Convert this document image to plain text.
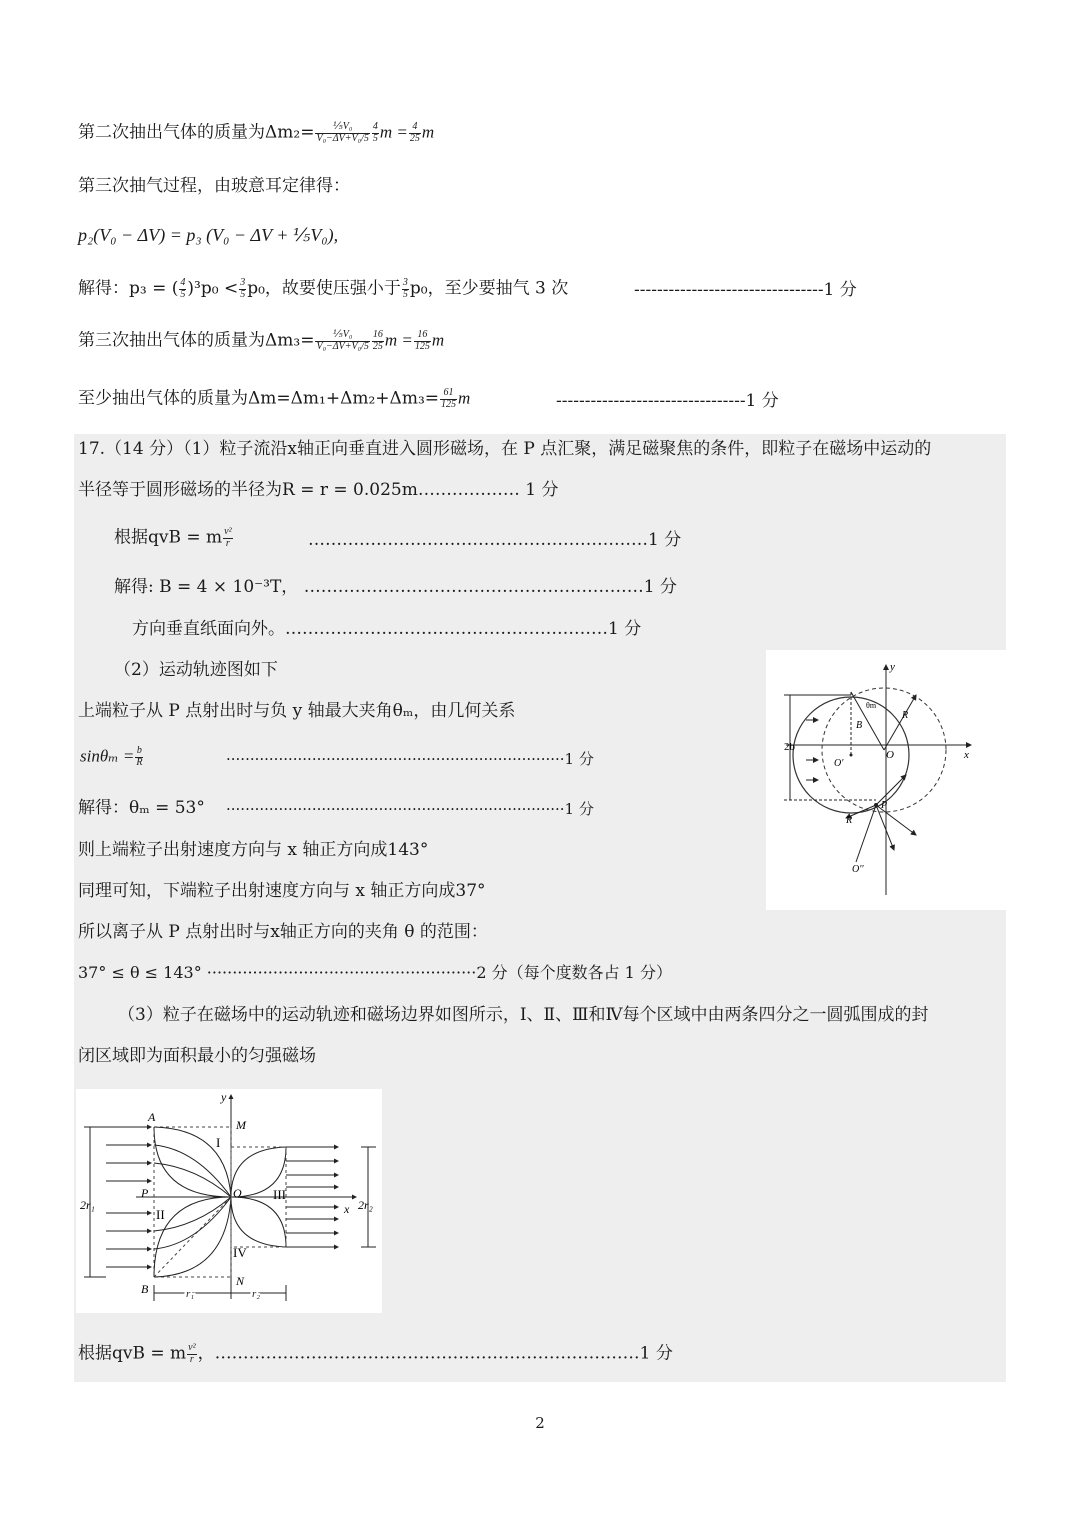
第二次抽出气体的质量为$\Delta m_2= \frac{\text{⅕V₀}}{\text{V₀−ΔV+V₀/5}} \frac{4}{5}$ $m = \frac{4}{25}$ m
第三次抽气过程，由玻意耳定律得：
p₂(V₀ − ΔV) = p₃ (V₀ − ΔV + ⅕V₀),
解得：p₃ = ( $\frac{4}{5} )^3p_0 < \frac{3}{5} p_0$，故要使压强小于 $\frac{3}{5} p_0$，至少要抽气 3 次	---------------------------------1 分
第三次抽出气体的质量为$\Delta m_3= \frac{\text{⅕V₀}}{\text{V₀−ΔV+V₀/5}} \frac{16}{25}$ $m = \frac{16}{125}$ m
至少抽出气体的质量为$\Delta m=\Delta m_1+\Delta m_2+\Delta m_3= \frac{61}{125}$ m	---------------------------------1 分
17.（14 分）（1）粒子流沿x轴正向垂直进入圆形磁场，在 P 点汇聚，满足磁聚焦的条件，即粒子在磁场中运动的
半径等于圆形磁场的半径为R = r = 0.025m……………… 1 分
根据qvB = m $\frac{\text{v²}}{r}$	……………………………………………………1 分
解得: B = 4 × 10⁻³T， ……………………………………………………1 分
方向垂直纸面向外。…………………………………………………1 分
（2）运动轨迹图如下
上端粒子从 P 点射出时与负 y 轴最大夹角θₘ，由几何关系
$\sin\theta_m = \frac{b}{R}$	·······································································1 分
解得：θₘ = 53° ·······································································1 分
则上端粒子出射速度方向与 x 轴正方向成143°
同理可知，下端粒子出射速度方向与 x 轴正方向成37°
所以离子从 P 点射出时与x轴正方向的夹角 θ 的范围：
37° ≤ θ ≤ 143° ·····················································2 分（每个度数各占 1 分）
（3）粒子在磁场中的运动轨迹和磁场边界如图所示，Ⅰ、Ⅱ、Ⅲ和Ⅳ每个区域中由两条四分之一圆弧围成的封
闭区域即为面积最小的匀强磁场
根据qvB = m $\frac{\text{v²}}{r}$ ，…………………………………………………………………1 分
x
y
2b
B
R
θm
O
O'
P
R
O''
y
x
M
N
A
B
P	O
I
II
III
IV
2r₁	2r₂
r₁	r₂
2
